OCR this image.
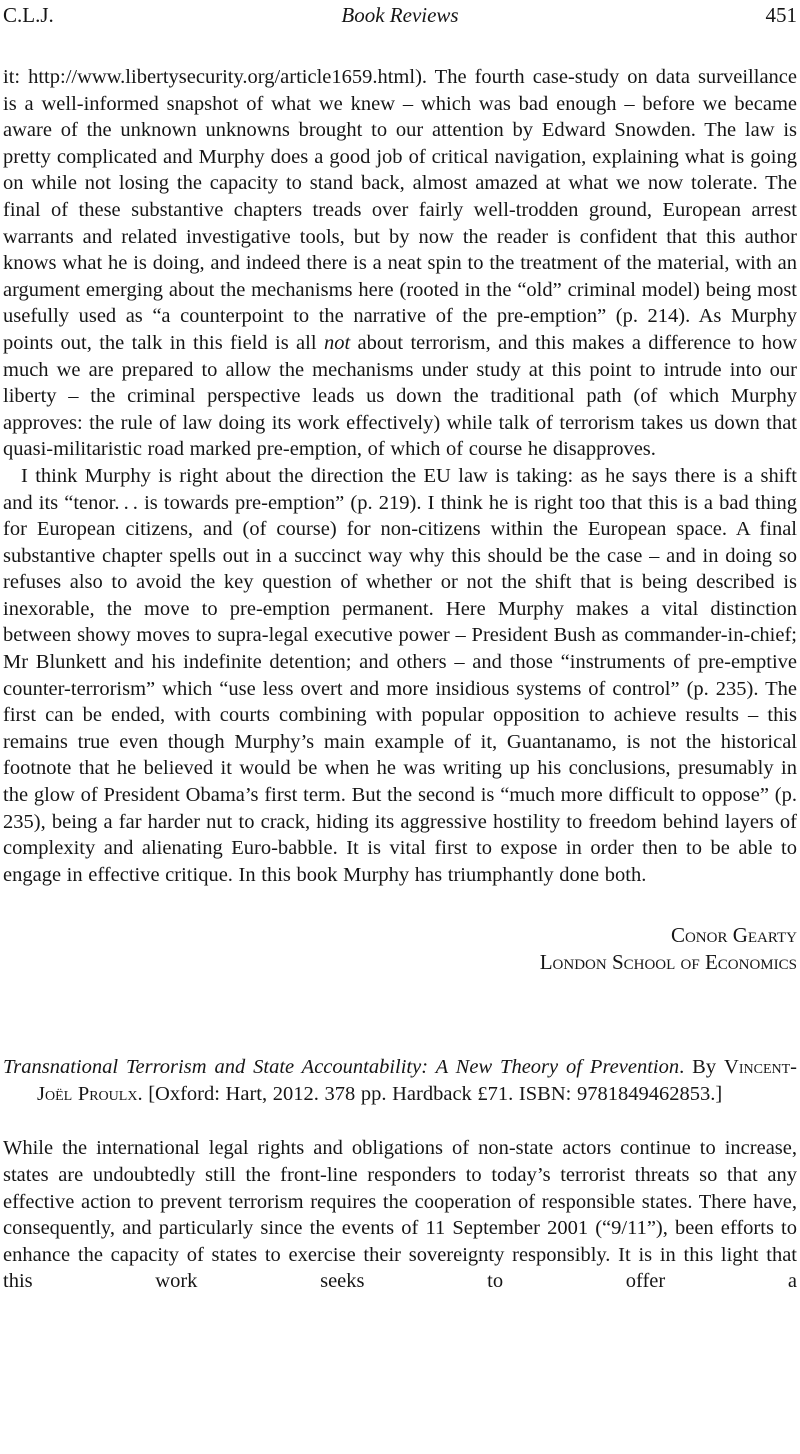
C.L.J.	Book Reviews	451

it: http://www.libertysecurity.org/article1659.html). The fourth case-study on data surveillance is a well-informed snapshot of what we knew – which was bad enough – before we became aware of the unknown unknowns brought to our attention by Edward Snowden. The law is pretty complicated and Murphy does a good job of critical navigation, explaining what is going on while not losing the capacity to stand back, almost amazed at what we now tolerate. The final of these substantive chapters treads over fairly well-trodden ground, European arrest warrants and related investigative tools, but by now the reader is confident that this author knows what he is doing, and indeed there is a neat spin to the treatment of the material, with an argument emerging about the mechanisms here (rooted in the “old” criminal model) being most usefully used as “a counterpoint to the narrative of the pre-emption” (p. 214). As Murphy points out, the talk in this field is all not about terrorism, and this makes a difference to how much we are prepared to allow the mechanisms under study at this point to intrude into our liberty – the criminal perspective leads us down the traditional path (of which Murphy approves: the rule of law doing its work effectively) while talk of terrorism takes us down that quasi-militaristic road marked pre-emption, of which of course he disapproves.

I think Murphy is right about the direction the EU law is taking: as he says there is a shift and its “tenor. . . is towards pre-emption” (p. 219). I think he is right too that this is a bad thing for European citizens, and (of course) for non-citizens within the European space. A final substantive chapter spells out in a succinct way why this should be the case – and in doing so refuses also to avoid the key question of whether or not the shift that is being described is inexorable, the move to pre-emption permanent. Here Murphy makes a vital distinction between showy moves to supra-legal executive power – President Bush as commander-in-chief; Mr Blunkett and his indefinite detention; and others – and those “instruments of pre-emptive counter-terrorism” which “use less overt and more insidious systems of control” (p. 235). The first can be ended, with courts combining with popular opposition to achieve results – this remains true even though Murphy’s main example of it, Guantanamo, is not the historical footnote that he believed it would be when he was writing up his conclusions, presumably in the glow of President Obama’s first term. But the second is “much more difficult to oppose” (p. 235), being a far harder nut to crack, hiding its aggressive hostility to freedom behind layers of complexity and alienating Euro-babble. It is vital first to expose in order then to be able to engage in effective critique. In this book Murphy has triumphantly done both.

Conor Gearty
London School of Economics
Transnational Terrorism and State Accountability: A New Theory of Prevention. By Vincent-Joël Proulx. [Oxford: Hart, 2012. 378 pp. Hardback £71. ISBN: 9781849462853.]

While the international legal rights and obligations of non-state actors continue to increase, states are undoubtedly still the front-line responders to today’s terrorist threats so that any effective action to prevent terrorism requires the cooperation of responsible states. There have, consequently, and particularly since the events of 11 September 2001 (“9/11”), been efforts to enhance the capacity of states to exercise their sovereignty responsibly. It is in this light that this work seeks to offer a
